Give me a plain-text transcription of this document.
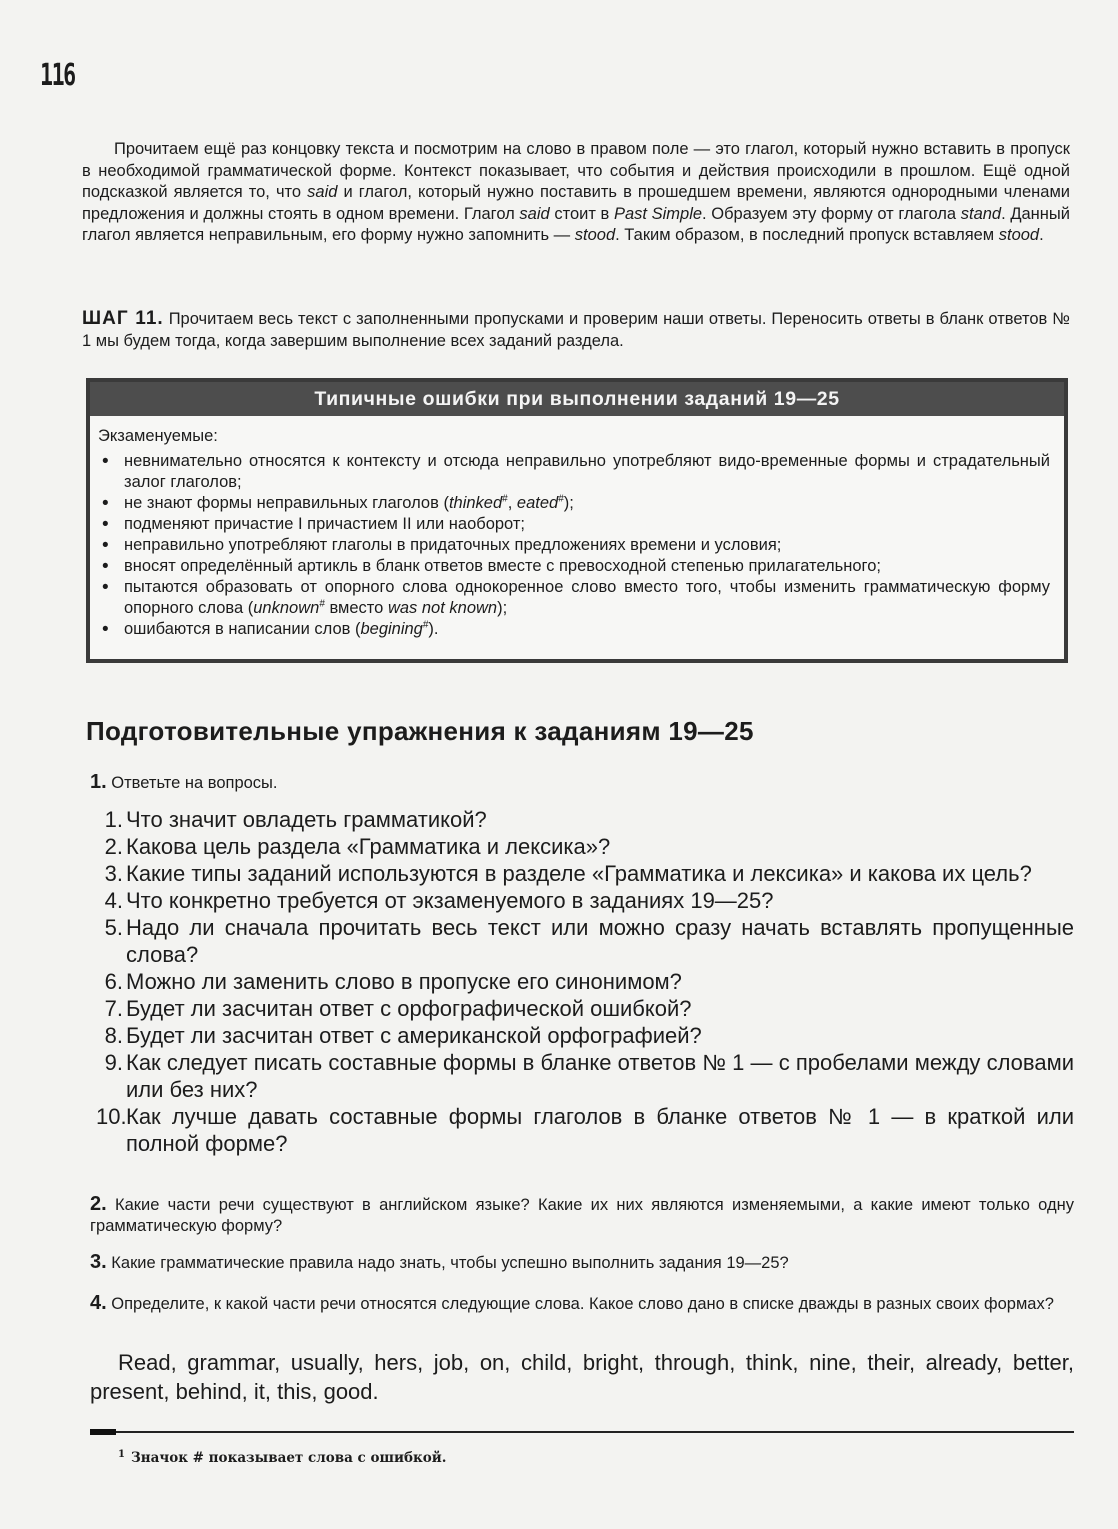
116

Прочитаем ещё раз концовку текста и посмотрим на слово в правом поле — это глагол, который нужно вставить в пропуск в необходимой грамматической форме. Контекст показывает, что события и действия происходили в прошлом. Ещё одной подсказкой является то, что said и глагол, который нужно поставить в прошедшем времени, являются однородными членами предложения и должны стоять в одном времени. Глагол said стоит в Past Simple. Образуем эту форму от глагола stand. Данный глагол является неправильным, его форму нужно запомнить — stood. Таким образом, в последний пропуск вставляем stood.

ШАГ 11. Прочитаем весь текст с заполненными пропусками и проверим наши ответы. Переносить ответы в бланк ответов № 1 мы будем тогда, когда завершим выполнение всех заданий раздела.

Типичные ошибки при выполнении заданий 19—25

Экзаменуемые:

• невнимательно относятся к контексту и отсюда неправильно употребляют видо-временные формы и страдательный залог глаголов;
• не знают формы неправильных глаголов (thinked#, eated#);
• подменяют причастие I причастием II или наоборот;
• неправильно употребляют глаголы в придаточных предложениях времени и условия;
• вносят определённый артикль в бланк ответов вместе с превосходной степенью прилагательного;
• пытаются образовать от опорного слова однокоренное слово вместо того, чтобы изменить грамматическую форму опорного слова (unknown# вместо was not known);
• ошибаются в написании слов (begining#).
Подготовительные упражнения к заданиям 19—25
1. Ответьте на вопросы.
1. Что значит овладеть грамматикой?
2. Какова цель раздела «Грамматика и лексика»?
3. Какие типы заданий используются в разделе «Грамматика и лексика» и какова их цель?
4. Что конкретно требуется от экзаменуемого в заданиях 19—25?
5. Надо ли сначала прочитать весь текст или можно сразу начать вставлять пропущенные слова?
6. Можно ли заменить слово в пропуске его синонимом?
7. Будет ли засчитан ответ с орфографической ошибкой?
8. Будет ли засчитан ответ с американской орфографией?
9. Как следует писать составные формы в бланке ответов № 1 — с пробелами между словами или без них?
10. Как лучше давать составные формы глаголов в бланке ответов № 1 — в краткой или полной форме?

2. Какие части речи существуют в английском языке? Какие их них являются изменяемыми, а какие имеют только одну грамматическую форму?

3. Какие грамматические правила надо знать, чтобы успешно выполнить задания 19—25?

4. Определите, к какой части речи относятся следующие слова. Какое слово дано в списке дважды в разных своих формах?

Read, grammar, usually, hers, job, on, child, bright, through, think, nine, their, already, better, present, behind, it, this, good.

$^1$ Значок # показывает слова с ошибкой.
